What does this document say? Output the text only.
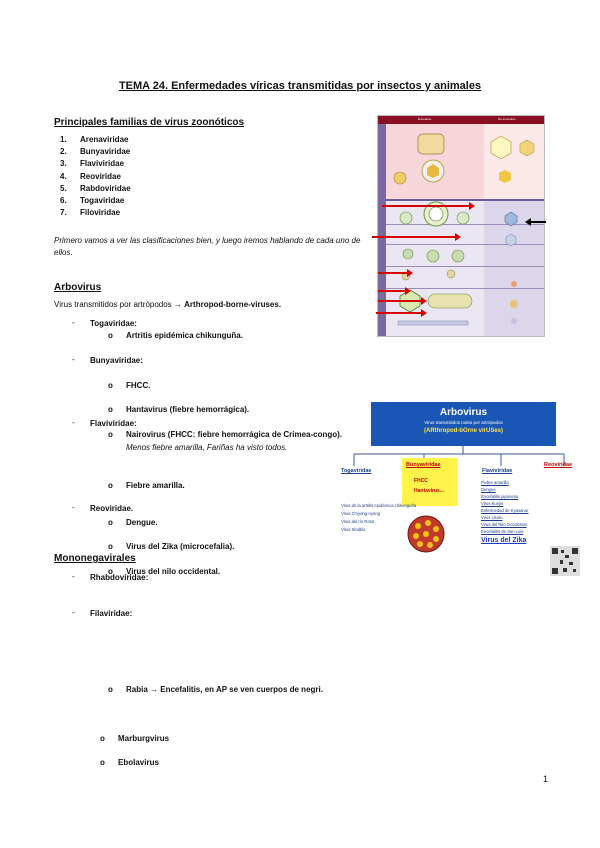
TEMA 24. Enfermedades víricas transmitidas por insectos y animales
Principales familias de virus zoonóticos
1. Arenaviridae
2. Bunyaviridae
3. Flaviviridae
4. Reoviridae
5. Rabdoviridae
6. Togaviridae
7. Filoviridae
Primero vamos a ver las clasificaciones bien, y luego iremos hablando de cada uno de ellos.
Arbovirus
Virus transmitidos por artrópodos → Arthropod-borne-viruses.
- Togaviridae:
o Artritis epidémica chikunguña.
- Bunyaviridae:
o FHCC.
o Hantavirus (fiebre hemorrágica).
o Nairovirus (FHCC: fiebre hemorrágica de Crimea-congo).
- Flaviviridae:
o Fiebre amarilla.
Menos fiebre amarilla, Fariñas ha visto todos.
o Dengue.
o Virus del Zika (microcefalia).
o Virus del nilo occidental.
- Reoviridae.
Mononegavirales
- Rhabdoviridae:
o Rabia → Encefalitis, en AP se ven cuerpos de negri.
- Filaviridae:
o Marburgvirus
o Ebolavirus
Envueltos	No envueltos
Arbovirus
Virus transmitidos todos por artrópodos
(ARthropod-bOrne virUSes)
Togaviridae
Bunyaviridae
FHCC
Hantavirus...
Flaviviridae
Reoviridae
Virus de la artritis epidémica chikunguña
Virus O'nyong-nyong
Virus del río Ross
Virus Sindbis
Fiebre amarilla
Dengue
Encefalitis japonesa
Virus Kunjin
Enfermedad de Kyasanur
Virus Usutu
Virus del Nilo Occidental
Encefalitis de San Luis
Virus del Zika
1
